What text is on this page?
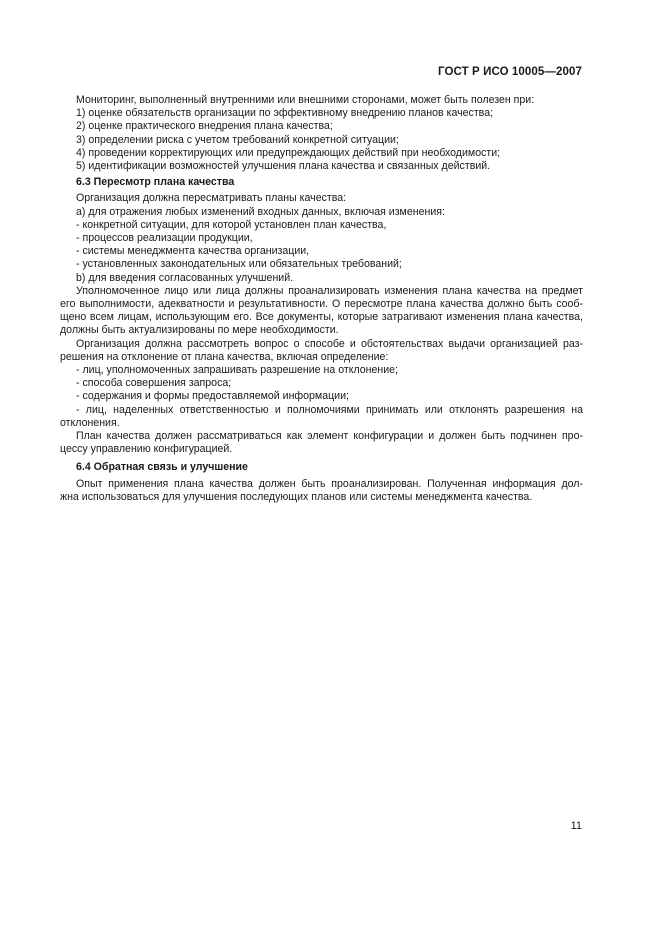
ГОСТ Р ИСО 10005—2007

Мониторинг, выполненный внутренними или внешними сторонами, может быть полезен при:

1) оценке обязательств организации по эффективному внедрению планов качества;

2) оценке практического внедрения плана качества;

3) определении риска с учетом требований конкретной ситуации;

4) проведении корректирующих или предупреждающих действий при необходимости;

5) идентификации возможностей улучшения плана качества и связанных действий.

6.3 Пересмотр плана качества

Организация должна пересматривать планы качества:

a) для отражения любых изменений входных данных, включая изменения:

- конкретной ситуации, для которой установлен план качества,

- процессов реализации продукции,

- системы менеджмента качества организации,

- установленных законодательных или обязательных требований;

b) для введения согласованных улучшений.

Уполномоченное лицо или лица должны проанализировать изменения плана качества на предмет

его выполнимости, адекватности и результативности. О пересмотре плана качества должно быть сооб-

щено всем лицам, использующим его. Все документы, которые затрагивают изменения плана качества,

должны быть актуализированы по мере необходимости.

Организация должна рассмотреть вопрос о способе и обстоятельствах выдачи организацией раз-

решения на отклонение от плана качества, включая определение:

- лиц, уполномоченных запрашивать разрешение на отклонение;

- способа совершения запроса;

- содержания и формы предоставляемой информации;

- лиц, наделенных ответственностью и полномочиями принимать или отклонять разрешения на

отклонения.

План качества должен рассматриваться как элемент конфигурации и должен быть подчинен про-

цессу управлению конфигурацией.

6.4 Обратная связь и улучшение

Опыт применения плана качества должен быть проанализирован. Полученная информация дол-

жна использоваться для улучшения последующих планов или системы менеджмента качества.

11
